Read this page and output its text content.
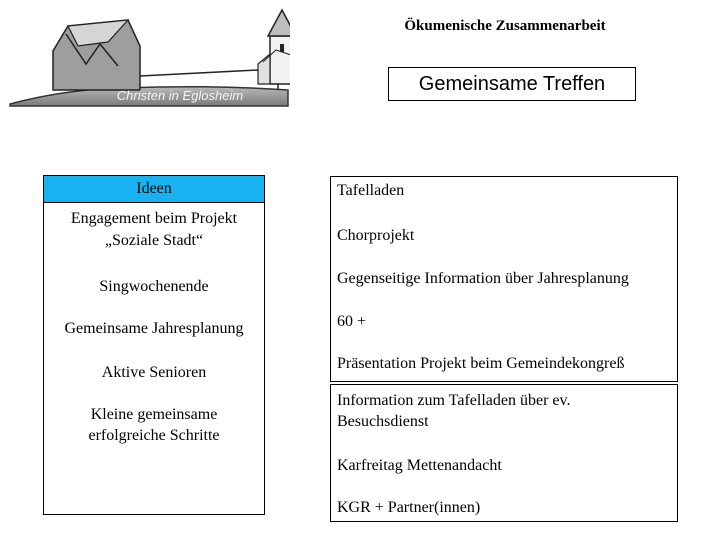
Christen in Eglosheim
Ökumenische Zusammenarbeit
Gemeinsame Treffen
Ideen
Engagement beim Projekt
„Soziale Stadt“
Singwochenende
Gemeinsame Jahresplanung
Aktive Senioren
Kleine gemeinsame
erfolgreiche Schritte
Tafelladen
Chorprojekt
Gegenseitige Information über Jahresplanung
60 +
Präsentation Projekt beim Gemeindekongreß
Information zum Tafelladen über ev.
Besuchsdienst
Karfreitag Mettenandacht
KGR + Partner(innen)
